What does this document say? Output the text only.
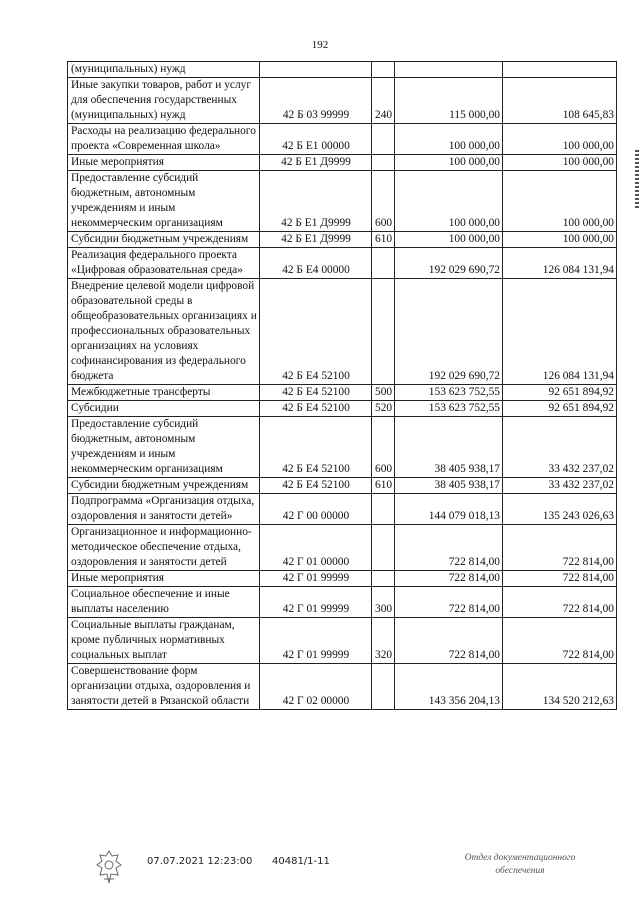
192
(муниципальных) нужд				
Иные закупки товаров, работ и услуг для обеспечения государственных (муниципальных) нужд	42 Б 03 99999	240	115 000,00	108 645,83
Расходы на реализацию федерального проекта «Современная школа»	42 Б Е1 00000		100 000,00	100 000,00
Иные мероприятия	42 Б Е1 Д9999		100 000,00	100 000,00
Предоставление субсидий бюджетным, автономным учреждениям и иным некоммерческим организациям	42 Б Е1 Д9999	600	100 000,00	100 000,00
Субсидии бюджетным учреждениям	42 Б Е1 Д9999	610	100 000,00	100 000,00
Реализация федерального проекта «Цифровая образовательная среда»	42 Б Е4 00000		192 029 690,72	126 084 131,94
Внедрение целевой модели цифровой образовательной среды в общеобразовательных организациях и профессиональных образовательных организациях на условиях софинансирования из федерального бюджета	42 Б Е4 52100		192 029 690,72	126 084 131,94
Межбюджетные трансферты	42 Б Е4 52100	500	153 623 752,55	92 651 894,92
Субсидии	42 Б Е4 52100	520	153 623 752,55	92 651 894,92
Предоставление субсидий бюджетным, автономным учреждениям и иным некоммерческим организациям	42 Б Е4 52100	600	38 405 938,17	33 432 237,02
Субсидии бюджетным учреждениям	42 Б Е4 52100	610	38 405 938,17	33 432 237,02
Подпрограмма «Организация отдыха, оздоровления и занятости детей»	42 Г 00 00000		144 079 018,13	135 243 026,63
Организационное и информационно-методическое обеспечение отдыха, оздоровления и занятости детей	42 Г 01 00000		722 814,00	722 814,00
Иные мероприятия	42 Г 01 99999		722 814,00	722 814,00
Социальное обеспечение и иные выплаты населению	42 Г 01 99999	300	722 814,00	722 814,00
Социальные выплаты гражданам, кроме публичных нормативных социальных выплат	42 Г 01 99999	320	722 814,00	722 814,00
Совершенствование форм организации отдыха, оздоровления и занятости детей в Рязанской области	42 Г 02 00000		143 356 204,13	134 520 212,63
07.07.2021 12:23:00 40481/1-11	Отдел документационного
обеспечения
